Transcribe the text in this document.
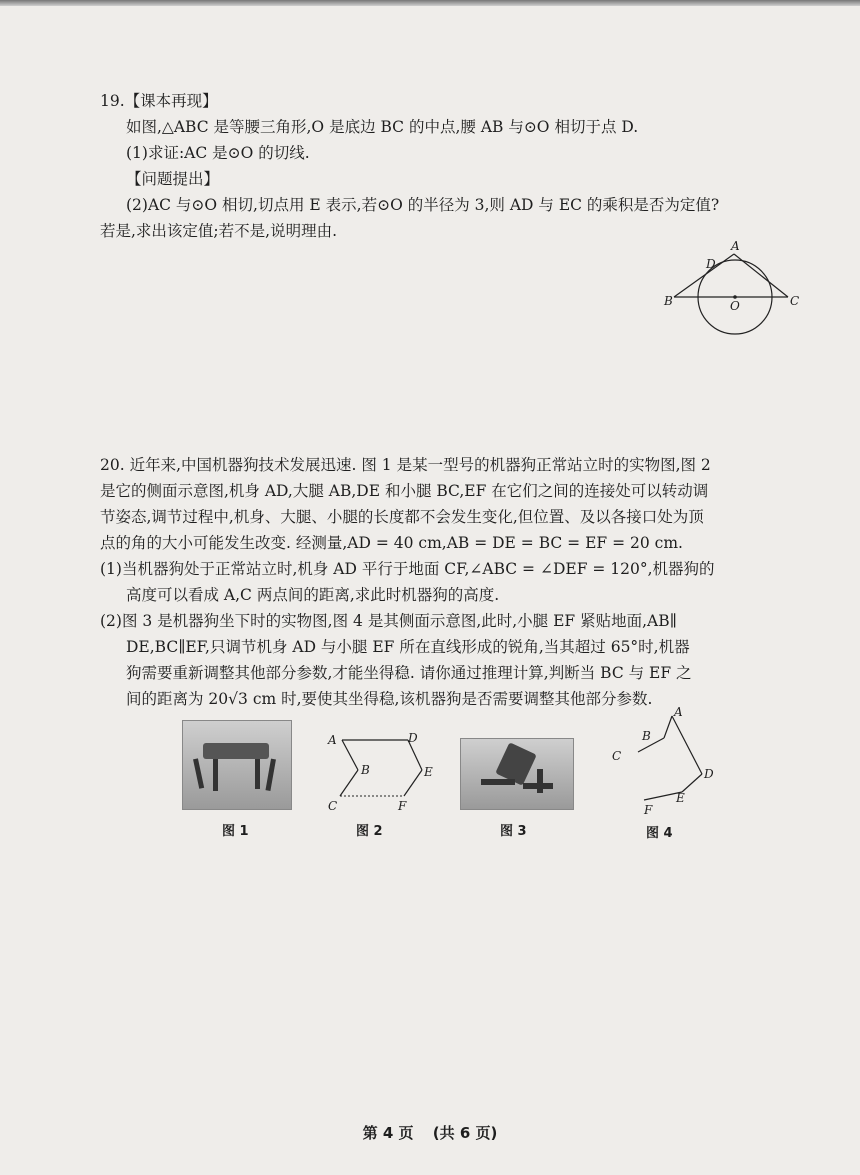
19.【课本再现】

如图,△ABC 是等腰三角形,O 是底边 BC 的中点,腰 AB 与⊙O 相切于点 D.

(1)求证:AC 是⊙O 的切线.

【问题提出】

(2)AC 与⊙O 相切,切点用 E 表示,若⊙O 的半径为 3,则 AD 与 EC 的乘积是否为定值?

若是,求出该定值;若不是,说明理由.

A
D
B	O	C

20. 近年来,中国机器狗技术发展迅速. 图 1 是某一型号的机器狗正常站立时的实物图,图 2

是它的侧面示意图,机身 AD,大腿 AB,DE 和小腿 BC,EF 在它们之间的连接处可以转动调

节姿态,调节过程中,机身、大腿、小腿的长度都不会发生变化,但位置、及以各接口处为顶

点的角的大小可能发生改变. 经测量,AD = 40 cm,AB = DE = BC = EF = 20 cm.

(1)当机器狗处于正常站立时,机身 AD 平行于地面 CF,∠ABC = ∠DEF = 120°,机器狗的

高度可以看成 A,C 两点间的距离,求此时机器狗的高度.

(2)图 3 是机器狗坐下时的实物图,图 4 是其侧面示意图,此时,小腿 EF 紧贴地面,AB∥

DE,BC∥EF,只调节机身 AD 与小腿 EF 所在直线形成的锐角,当其超过 65°时,机器

狗需要重新调整其他部分参数,才能坐得稳. 请你通过推理计算,判断当 BC 与 EF 之

间的距离为 20√3 cm 时,要使其坐得稳,该机器狗是否需要调整其他部分参数.

图 1
A
B
C
D
E
F
图 2	图 3
A
B
C
D
E
F
图 4
第 4 页 (共 6 页)
